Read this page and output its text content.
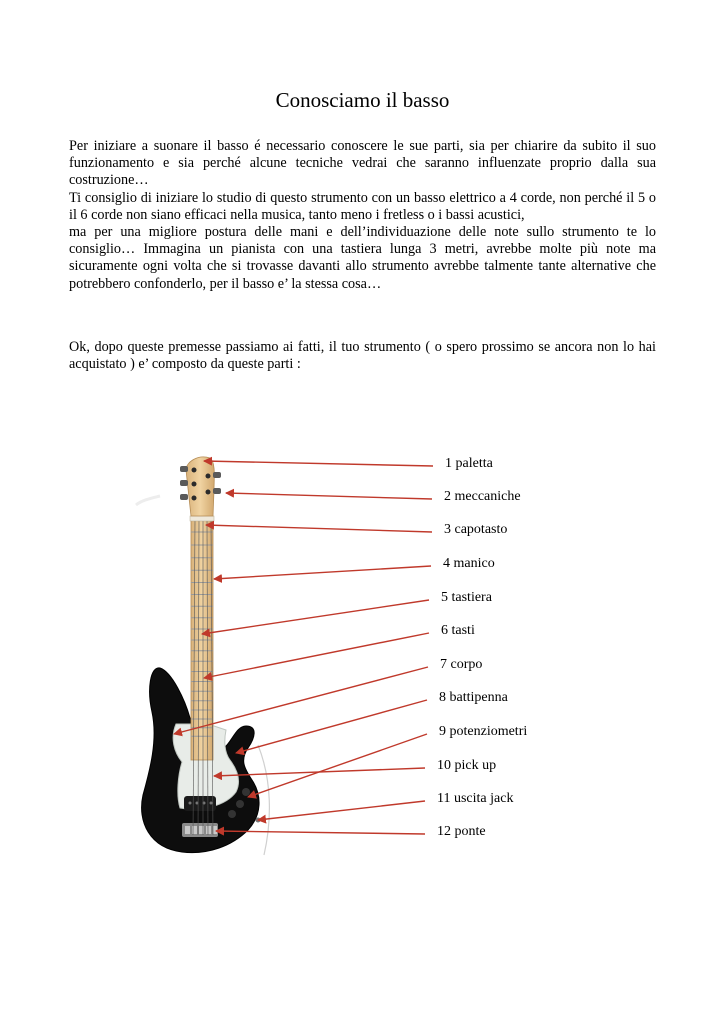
Conosciamo il basso

Per iniziare a suonare il basso é necessario conoscere le sue parti, sia per chiarire da subito il suo funzionamento e sia perché alcune tecniche vedrai che saranno influenzate proprio dalla sua costruzione…

Ti consiglio di iniziare lo studio di questo strumento con un basso elettrico a 4 corde, non perché il 5 o il 6 corde non siano efficaci nella musica, tanto meno i fretless o i bassi acustici,

ma per una migliore postura delle mani e dell’individuazione delle note sullo strumento te lo consiglio… Immagina un pianista con una tastiera lunga 3 metri, avrebbe molte più note ma sicuramente ogni volta che si trovasse davanti allo strumento avrebbe talmente tante alternative che potrebbero confonderlo, per il basso e’ la stessa cosa…

Ok, dopo queste premesse passiamo ai fatti, il tuo strumento ( o spero prossimo se ancora non lo hai acquistato ) e’ composto da queste parti :

1 paletta
2 meccaniche
3 capotasto
4 manico
5 tastiera
6 tasti
7 corpo
8 battipenna
9 potenziometri
10 pick up
11 uscita jack
12 ponte
